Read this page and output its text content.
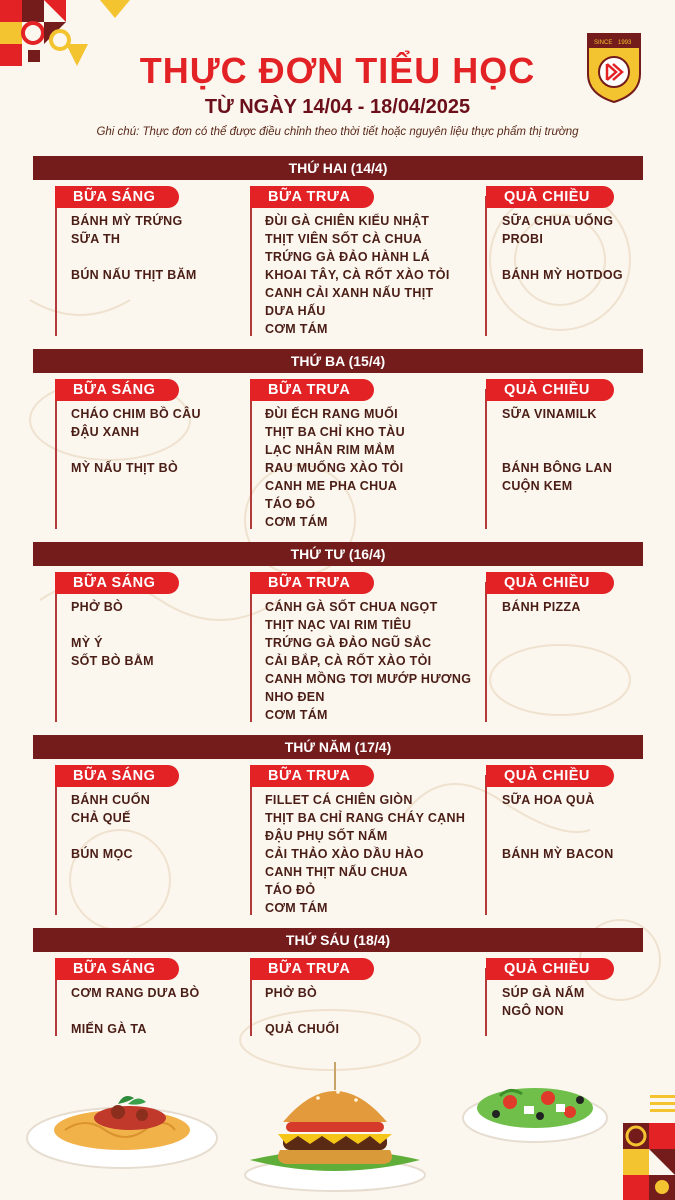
THỰC ĐƠN TIỂU HỌC
TỪ NGÀY 14/04 - 18/04/2025
Ghi chú: Thực đơn có thể được điều chỉnh theo thời tiết hoặc nguyên liệu thực phẩm thị trường
SINCE 1993
THỨ HAI (14/4)
BỮA SÁNG
BÁNH MỲ TRỨNG
SỮA TH
BÚN NẤU THỊT BĂM
BỮA TRƯA
ĐÙI GÀ CHIÊN KIỂU NHẬT
THỊT VIÊN SỐT CÀ CHUA
TRỨNG GÀ ĐẢO HÀNH LÁ
KHOAI TÂY, CÀ RỐT XÀO TỎI
CANH CẢI XANH NẤU THỊT
DƯA HẤU
CƠM TÁM
QUÀ CHIỀU
SỮA CHUA UỐNG
PROBI
BÁNH MỲ HOTDOG
THỨ BA (15/4)
BỮA SÁNG
CHÁO CHIM BỒ CÂU
ĐẬU XANH
MỲ NẤU THỊT BÒ
BỮA TRƯA
ĐÙI ẾCH RANG MUỐI
THỊT BA CHỈ KHO TÀU
LẠC NHÂN RIM MẮM
RAU MUỐNG XÀO TỎI
CANH ME PHA CHUA
TÁO ĐỎ
CƠM TÁM
QUÀ CHIỀU
SỮA VINAMILK
BÁNH BÔNG LAN
CUỘN KEM
THỨ TƯ (16/4)
BỮA SÁNG
PHỞ BÒ
MỲ Ý
SỐT BÒ BẰM
BỮA TRƯA
CÁNH GÀ SỐT CHUA NGỌT
THỊT NẠC VAI RIM TIÊU
TRỨNG GÀ ĐẢO NGŨ SẮC
CẢI BẮP, CÀ RỐT XÀO TỎI
CANH MỒNG TƠI MƯỚP HƯƠNG
NHO ĐEN
CƠM TÁM
QUÀ CHIỀU
BÁNH PIZZA
THỨ NĂM (17/4)
BỮA SÁNG
BÁNH CUỐN
CHẢ QUẾ
BÚN MỌC
BỮA TRƯA
FILLET CÁ CHIÊN GIÒN
THỊT BA CHỈ RANG CHÁY CẠNH
ĐẬU PHỤ SỐT NẤM
CẢI THẢO XÀO DẦU HÀO
CANH THỊT NẤU CHUA
TÁO ĐỎ
CƠM TÁM
QUÀ CHIỀU
SỮA HOA QUẢ
BÁNH MỲ BACON
THỨ SÁU (18/4)
BỮA SÁNG
CƠM RANG DƯA BÒ
MIẾN GÀ TA
BỮA TRƯA
PHỞ BÒ
QUẢ CHUỐI
QUÀ CHIỀU
SÚP GÀ NẤM
NGÔ NON
